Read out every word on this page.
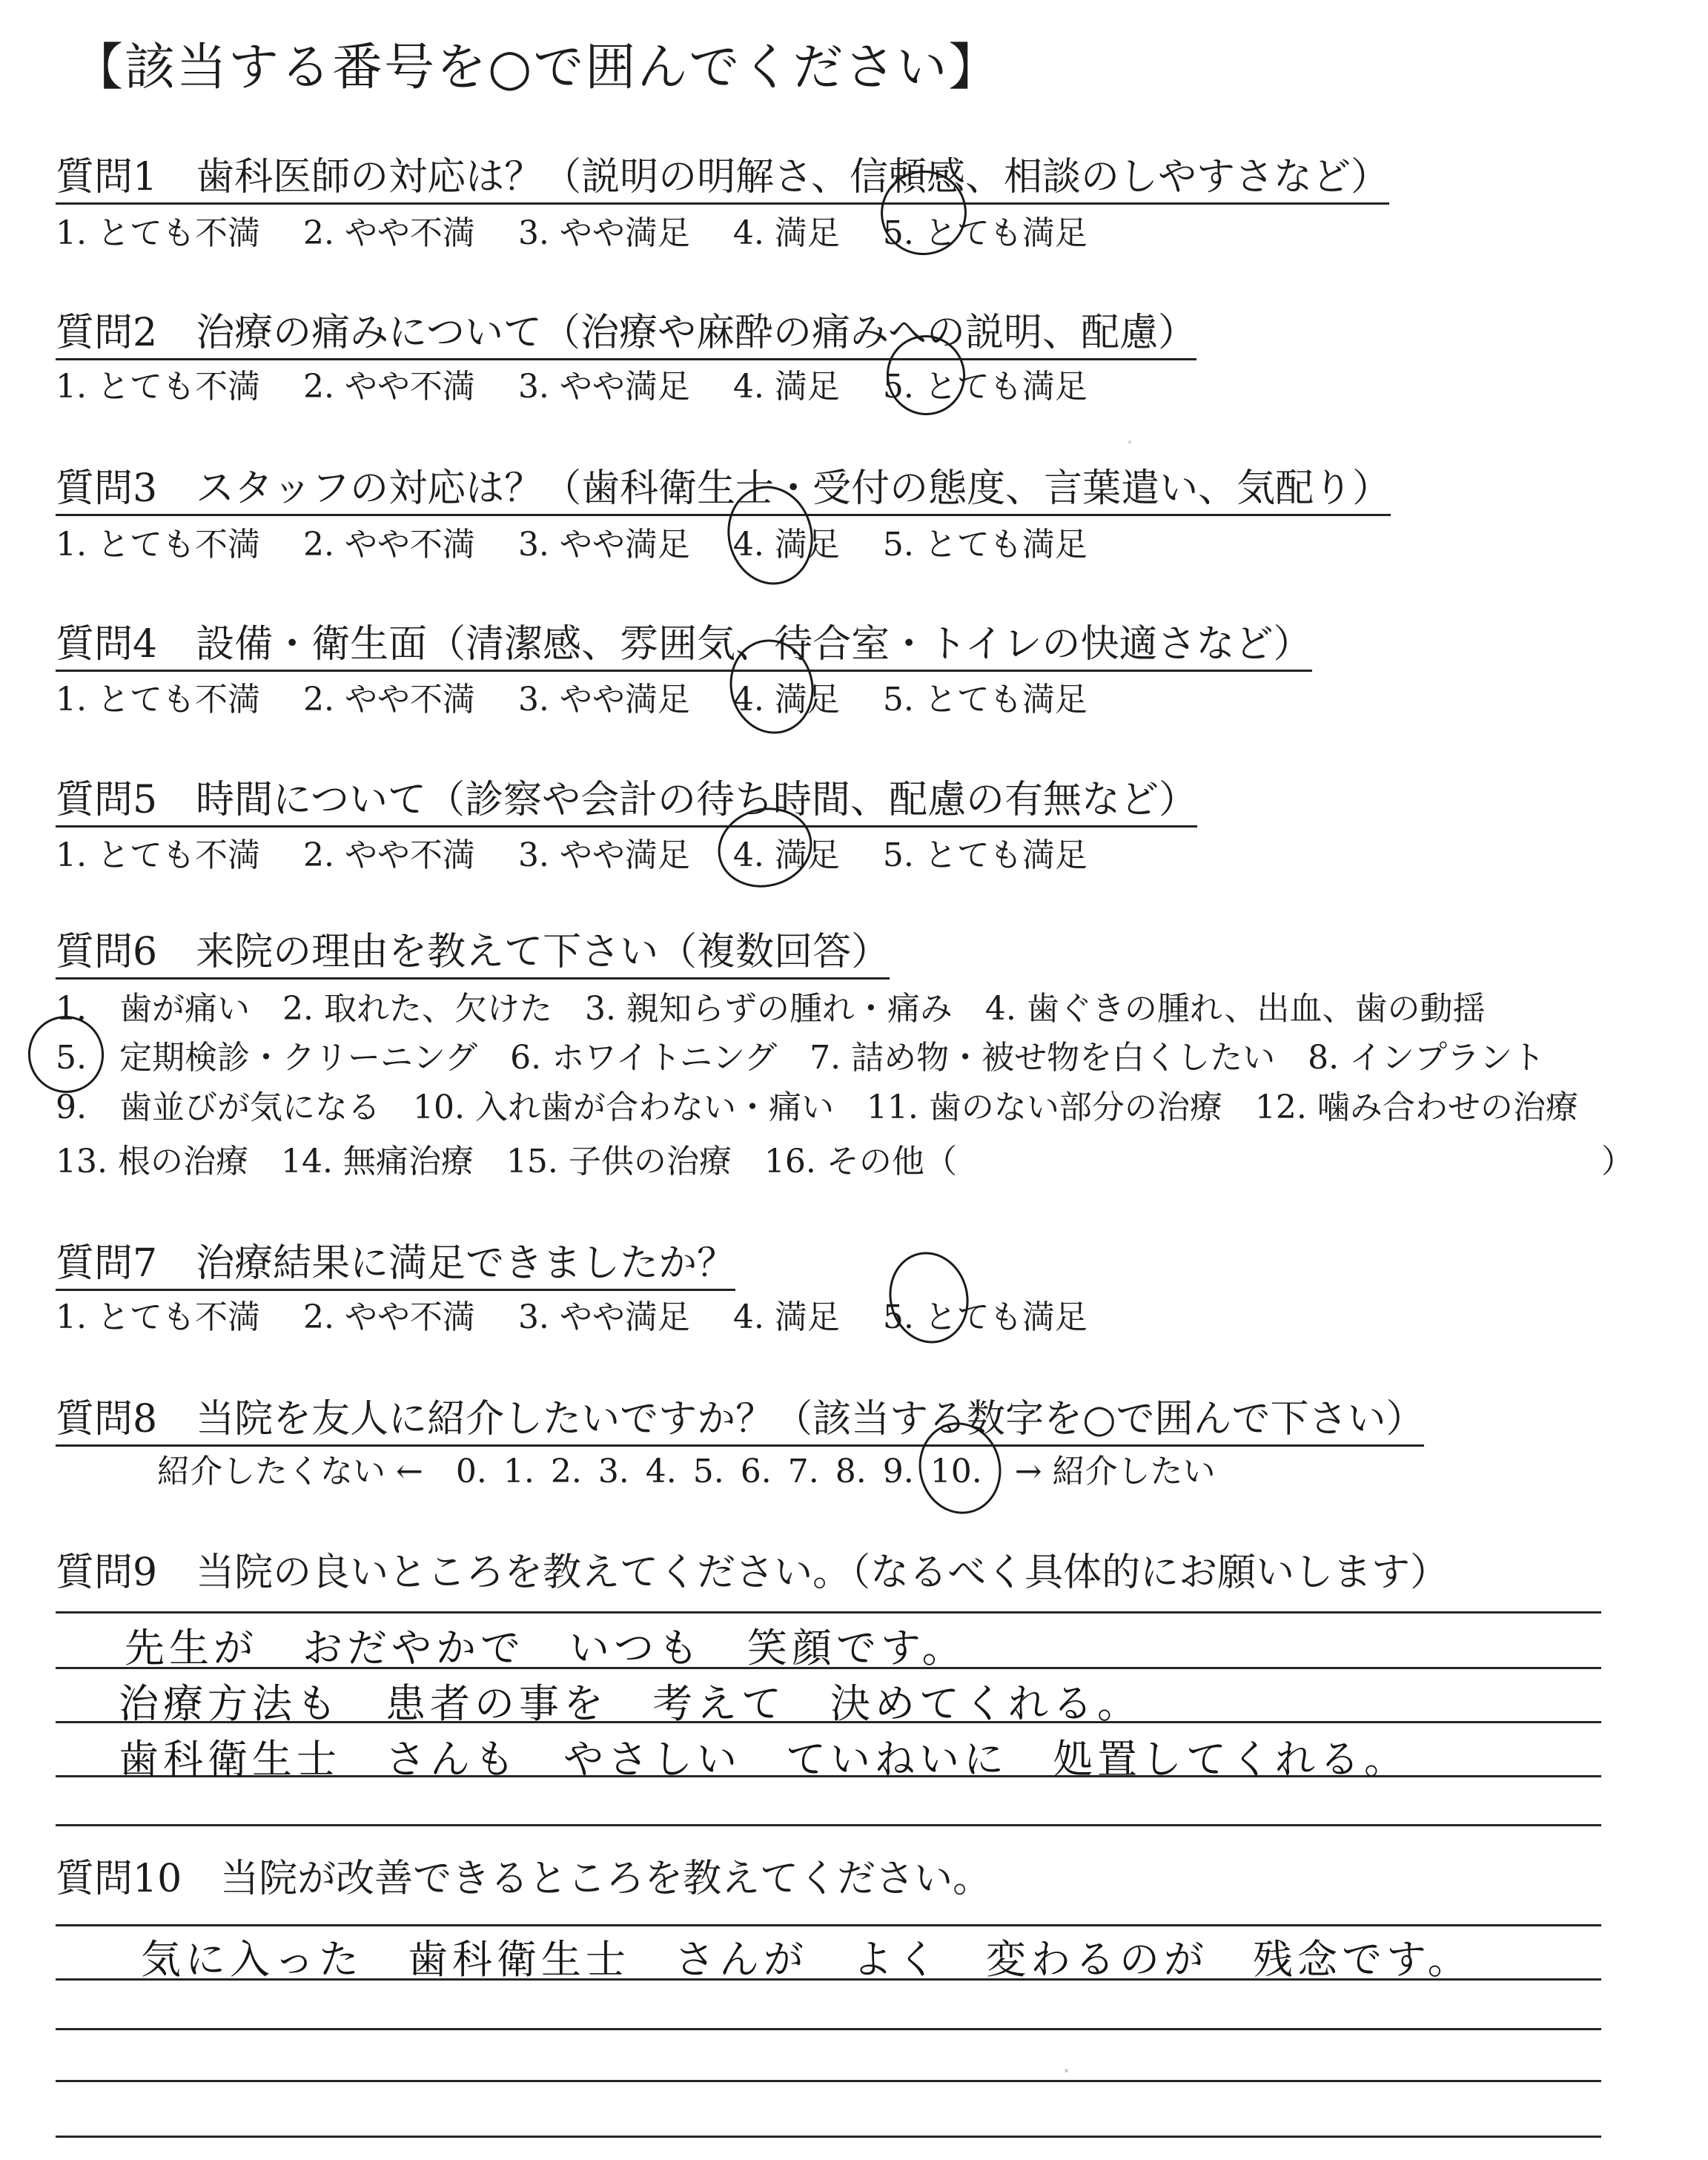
【該当する番号を○で囲んでください】
質問1　歯科医師の対応は？（説明の明解さ、信頼感、相談のしやすさなど）
1. とても不満 2. やや不満 3. やや満足 4. 満足 5. とても満足
質問2　治療の痛みについて（治療や麻酔の痛みへの説明、配慮）
1. とても不満 2. やや不満 3. やや満足 4. 満足 5. とても満足
質問3　スタッフの対応は？（歯科衛生士・受付の態度、言葉遣い、気配り）
1. とても不満 2. やや不満 3. やや満足 4. 満足 5. とても満足
質問4　設備・衛生面（清潔感、雰囲気、待合室・トイレの快適さなど）
1. とても不満 2. やや不満 3. やや満足 4. 満足 5. とても満足
質問5　時間について（診察や会計の待ち時間、配慮の有無など）
1. とても不満 2. やや不満 3. やや満足 4. 満足 5. とても満足
質問6　来院の理由を教えて下さい（複数回答）
1.　歯が痛い　2. 取れた、欠けた　3. 親知らずの腫れ・痛み　4. 歯ぐきの腫れ、出血、歯の動揺
5.　定期検診・クリーニング　6. ホワイトニング　7. 詰め物・被せ物を白くしたい　8. インプラント
9.　歯並びが気になる　10. 入れ歯が合わない・痛い　11. 歯のない部分の治療　12. 噛み合わせの治療
13. 根の治療　14. 無痛治療　15. 子供の治療　16. その他（	）
質問7　治療結果に満足できましたか？
1. とても不満 2. やや不満 3. やや満足 4. 満足 5. とても満足
質問8　当院を友人に紹介したいですか？（該当する数字を○で囲んで下さい）
紹介したくない ← 0. 1. 2. 3. 4. 5. 6. 7. 8. 9. 10. → 紹介したい
質問9　当院の良いところを教えてください。（なるべく具体的にお願いします）
先生が　おだやかで　いつも　笑顔です。
治療方法も　患者の事を　考えて　決めてくれる。
歯科衛生士　さんも　やさしい　ていねいに　処置してくれる。
質問10　当院が改善できるところを教えてください。
気に入った　歯科衛生士　さんが　よく　変わるのが　残念です。
